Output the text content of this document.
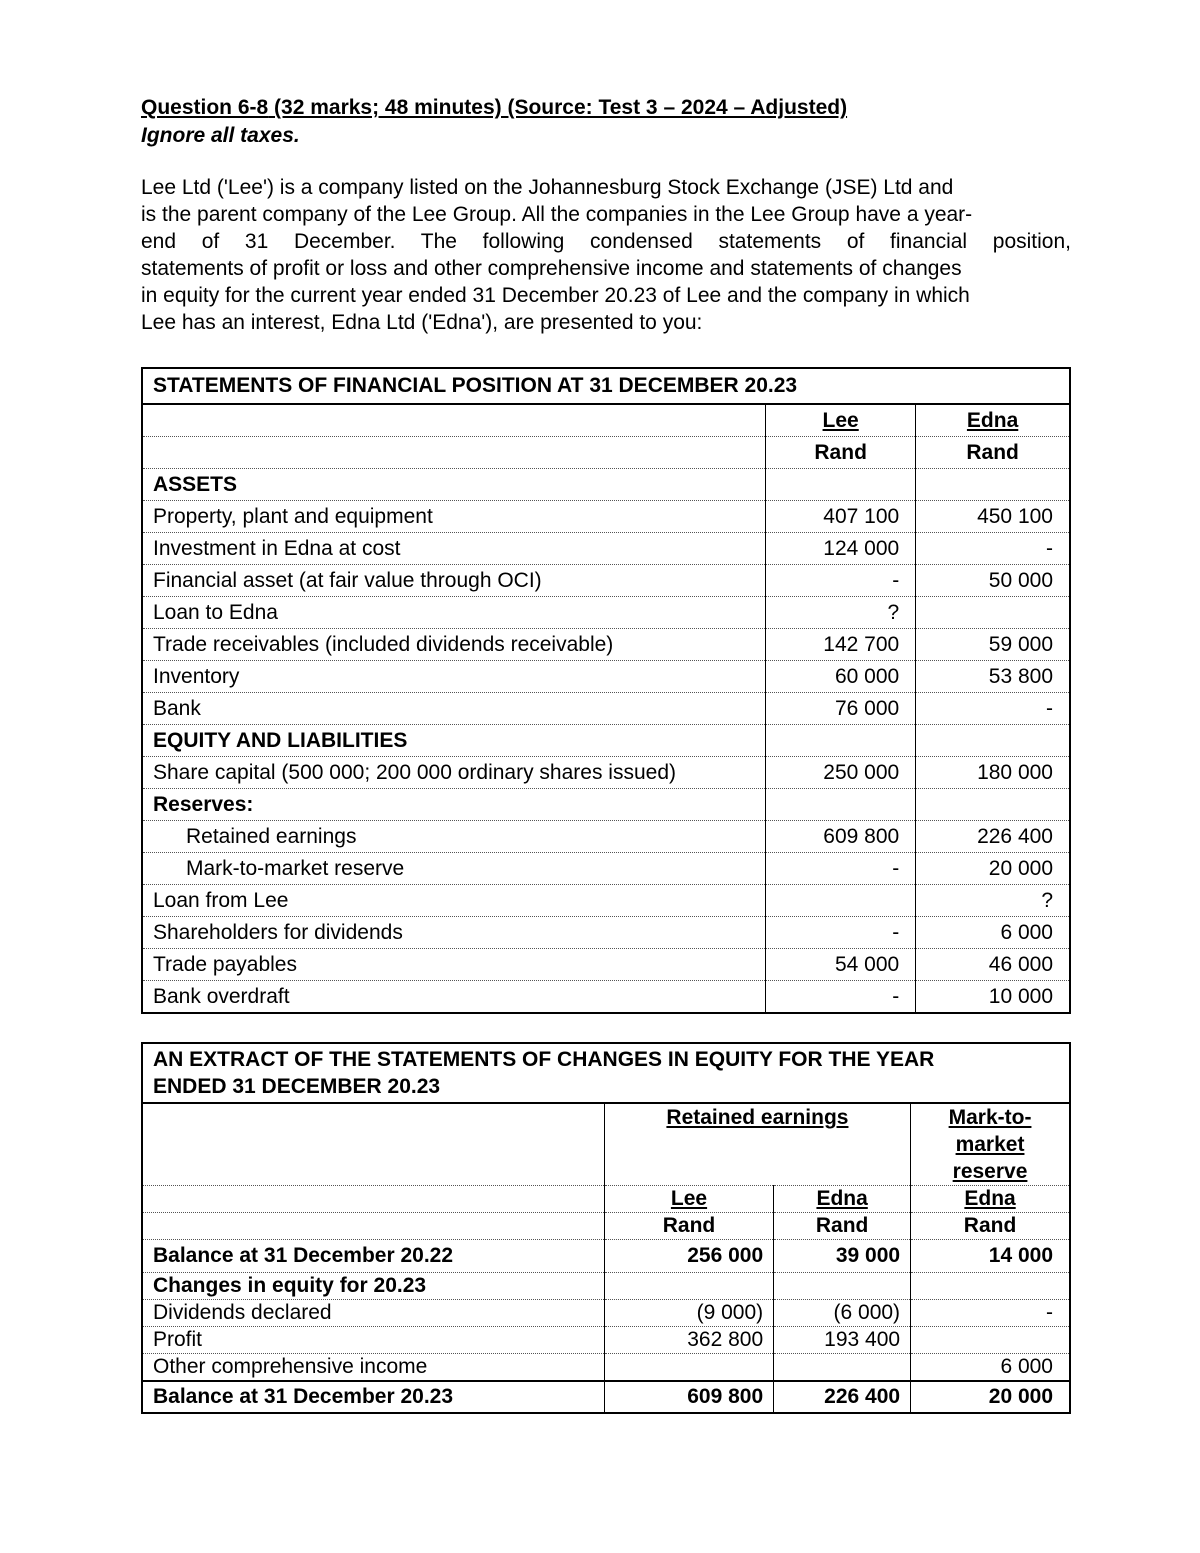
Question 6-8 (32 marks; 48 minutes) (Source: Test 3 – 2024 – Adjusted)
Ignore all taxes.
Lee Ltd ('Lee') is a company listed on the Johannesburg Stock Exchange (JSE) Ltd and
is the parent company of the Lee Group. All the companies in the Lee Group have a year-
end of 31 December. The following condensed statements of financial position,
statements of profit or loss and other comprehensive income and statements of changes
in equity for the current year ended 31 December 20.23 of Lee and the company in which
Lee has an interest, Edna Ltd ('Edna'), are presented to you:
STATEMENTS OF FINANCIAL POSITION AT 31 DECEMBER 20.23		
	Lee	Edna
	Rand	Rand
ASSETS		
Property, plant and equipment	407 100	450 100
Investment in Edna at cost	124 000	-
Financial asset (at fair value through OCI)	-	50 000
Loan to Edna	?	
Trade receivables (included dividends receivable)	142 700	59 000
Inventory	60 000	53 800
Bank	76 000	-
EQUITY AND LIABILITIES		
Share capital (500 000; 200 000 ordinary shares issued)	250 000	180 000
Reserves:		
Retained earnings	609 800	226 400
Mark-to-market reserve	-	20 000
Loan from Lee		?
Shareholders for dividends	-	6 000
Trade payables	54 000	46 000
Bank overdraft	-	10 000
AN EXTRACT OF THE STATEMENTS OF CHANGES IN EQUITY FOR THE YEAR
ENDED 31 DECEMBER 20.23			
	Retained earnings		Mark-to-
market
reserve
	Lee	Edna	Edna
	Rand	Rand	Rand
Balance at 31 December 20.22	256 000	39 000	14 000
Changes in equity for 20.23			
Dividends declared	(9 000)	(6 000)	-
Profit	362 800	193 400	
Other comprehensive income			6 000
Balance at 31 December 20.23	609 800	226 400	20 000
